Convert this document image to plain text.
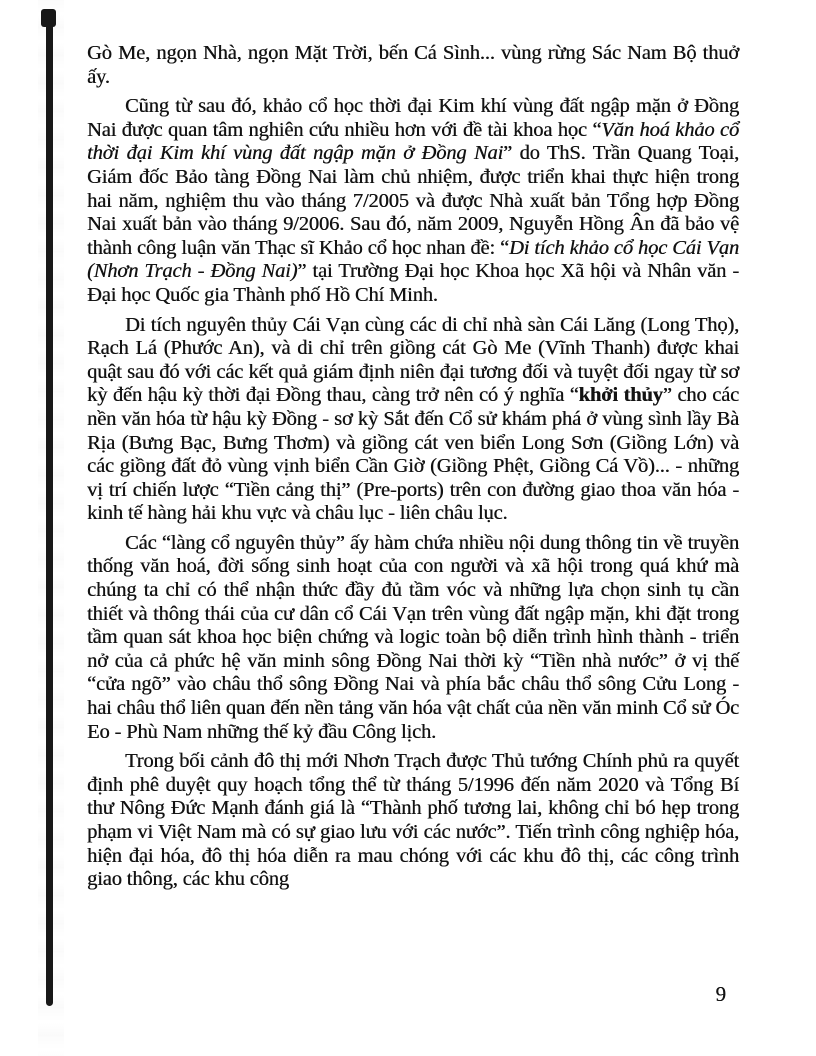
Gò Me, ngọn Nhà, ngọn Mặt Trời, bến Cá Sình... vùng rừng Sác Nam Bộ thuở ấy.

Cũng từ sau đó, khảo cổ học thời đại Kim khí vùng đất ngập mặn ở Đồng Nai được quan tâm nghiên cứu nhiều hơn với đề tài khoa học “Văn hoá khảo cổ thời đại Kim khí vùng đất ngập mặn ở Đồng Nai” do ThS. Trần Quang Toại, Giám đốc Bảo tàng Đồng Nai làm chủ nhiệm, được triển khai thực hiện trong hai năm, nghiệm thu vào tháng 7/2005 và được Nhà xuất bản Tổng hợp Đồng Nai xuất bản vào tháng 9/2006. Sau đó, năm 2009, Nguyễn Hồng Ân đã bảo vệ thành công luận văn Thạc sĩ Khảo cổ học nhan đề: “Di tích khảo cổ học Cái Vạn (Nhơn Trạch - Đồng Nai)” tại Trường Đại học Khoa học Xã hội và Nhân văn - Đại học Quốc gia Thành phố Hồ Chí Minh.

Di tích nguyên thủy Cái Vạn cùng các di chỉ nhà sàn Cái Lăng (Long Thọ), Rạch Lá (Phước An), và di chỉ trên giồng cát Gò Me (Vĩnh Thanh) được khai quật sau đó với các kết quả giám định niên đại tương đối và tuyệt đối ngay từ sơ kỳ đến hậu kỳ thời đại Đồng thau, càng trở nên có ý nghĩa “khởi thủy” cho các nền văn hóa từ hậu kỳ Đồng - sơ kỳ Sắt đến Cổ sử khám phá ở vùng sình lầy Bà Rịa (Bưng Bạc, Bưng Thơm) và giồng cát ven biển Long Sơn (Giồng Lớn) và các giồng đất đỏ vùng vịnh biển Cần Giờ (Giồng Phệt, Giồng Cá Vồ)... - những vị trí chiến lược “Tiền cảng thị” (Pre-ports) trên con đường giao thoa văn hóa - kinh tế hàng hải khu vực và châu lục - liên châu lục.

Các “làng cổ nguyên thủy” ấy hàm chứa nhiều nội dung thông tin về truyền thống văn hoá, đời sống sinh hoạt của con người và xã hội trong quá khứ mà chúng ta chỉ có thể nhận thức đầy đủ tầm vóc và những lựa chọn sinh tụ cần thiết và thông thái của cư dân cổ Cái Vạn trên vùng đất ngập mặn, khi đặt trong tầm quan sát khoa học biện chứng và logic toàn bộ diễn trình hình thành - triển nở của cả phức hệ văn minh sông Đồng Nai thời kỳ “Tiền nhà nước” ở vị thế “cửa ngõ” vào châu thổ sông Đồng Nai và phía bắc châu thổ sông Cửu Long - hai châu thổ liên quan đến nền tảng văn hóa vật chất của nền văn minh Cổ sử Óc Eo - Phù Nam những thế kỷ đầu Công lịch.

Trong bối cảnh đô thị mới Nhơn Trạch được Thủ tướng Chính phủ ra quyết định phê duyệt quy hoạch tổng thể từ tháng 5/1996 đến năm 2020 và Tổng Bí thư Nông Đức Mạnh đánh giá là “Thành phố tương lai, không chỉ bó hẹp trong phạm vi Việt Nam mà có sự giao lưu với các nước”. Tiến trình công nghiệp hóa, hiện đại hóa, đô thị hóa diễn ra mau chóng với các khu đô thị, các công trình giao thông, các khu công

9
